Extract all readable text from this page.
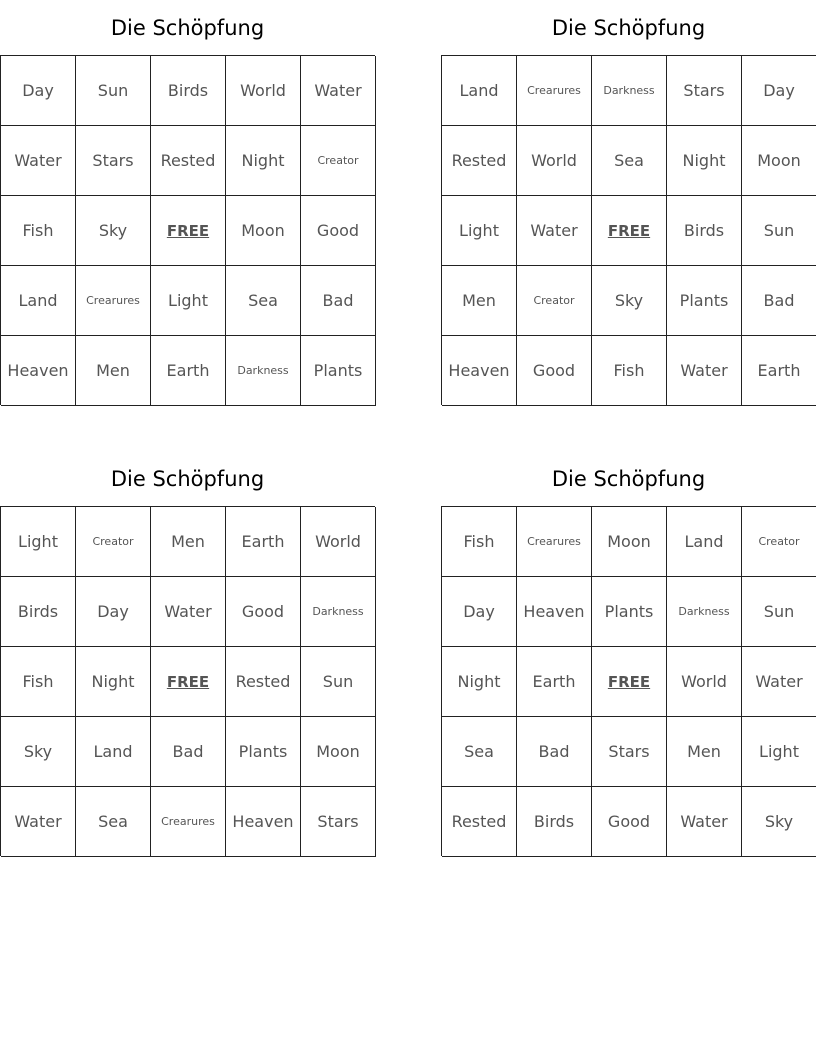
Die Schöpfung
Day	Sun	Birds	World	Water
Water	Stars	Rested	Night	Creator
Fish	Sky	FREE	Moon	Good
Land	Crearures	Light	Sea	Bad
Heaven	Men	Earth	Darkness	Plants
Die Schöpfung
Land	Crearures	Darkness	Stars	Day
Rested	World	Sea	Night	Moon
Light	Water	FREE	Birds	Sun
Men	Creator	Sky	Plants	Bad
Heaven	Good	Fish	Water	Earth
Die Schöpfung
Light	Creator	Men	Earth	World
Birds	Day	Water	Good	Darkness
Fish	Night	FREE	Rested	Sun
Sky	Land	Bad	Plants	Moon
Water	Sea	Crearures	Heaven	Stars
Die Schöpfung
Fish	Crearures	Moon	Land	Creator
Day	Heaven	Plants	Darkness	Sun
Night	Earth	FREE	World	Water
Sea	Bad	Stars	Men	Light
Rested	Birds	Good	Water	Sky
